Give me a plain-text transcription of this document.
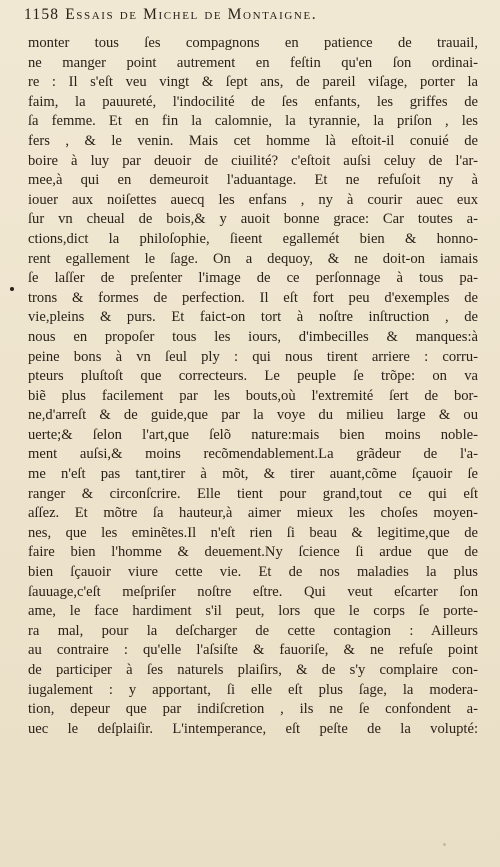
1158 Essais de Michel de Montaigne.
monter tous ſes compagnons en patience de trauail,
ne manger point autrement en feſtin qu'en ſon ordinai-
re : Il s'eſt veu vingt & ſept ans, de pareil viſage, porter la
faim, la pauureté, l'indocilité de ſes enfants, les griffes de
ſa femme. Et en fin la calomnie, la tyrannie, la priſon , les
fers , & le venin. Mais cet homme là eſtoit-il conuié de
boire à luy par deuoir de ciuilité? c'eſtoit auſsi celuy de l'ar-
mee,à qui en demeuroit l'aduantage. Et ne refuſoit ny à
iouer aux noiſettes auecq les enfans , ny à courir auec eux
ſur vn cheual de bois,& y auoit bonne grace: Car toutes a-
ctions,dict la philoſophie, ſieent egallemét bien & honno-
rent egallement le ſage. On a dequoy, & ne doit-on iamais
ſe laſſer de preſenter l'image de ce perſonnage à tous pa-
trons & formes de perfection. Il eſt fort peu d'exemples de
vie,pleins & purs. Et faict-on tort à noſtre inſtruction , de
nous en propoſer tous les iours, d'imbecilles & manques:à
peine bons à vn ſeul ply : qui nous tirent arriere : corru-
pteurs pluſtoſt que correcteurs. Le peuple ſe trõpe: on va
biẽ plus facilement par les bouts,où l'extremité ſert de bor-
ne,d'arreſt & de guide,que par la voye du milieu large & ou
uerte;& ſelon l'art,que ſelõ nature:mais bien moins noble-
ment auſsi,& moins recõmendablement.La grãdeur de l'a-
me n'eſt pas tant,tirer à mõt, & tirer auant,cõme ſçauoir ſe
ranger & circonſcrire. Elle tient pour grand,tout ce qui eſt
aſſez. Et mõtre ſa hauteur,à aimer mieux les choſes moyen-
nes, que les eminẽtes.Il n'eſt rien ſi beau & legitime,que de
faire bien l'homme & deuement.Ny ſcience ſi ardue que de
bien ſçauoir viure cette vie. Et de nos maladies la plus
ſauuage,c'eſt meſpriſer noſtre eſtre. Qui veut eſcarter ſon
ame, le face hardiment s'il peut, lors que le corps ſe porte-
ra mal, pour la deſcharger de cette contagion : Ailleurs
au contraire : qu'elle l'aſsiſte & fauoriſe, & ne refuſe point
de participer à ſes naturels plaiſirs, & de s'y complaire con-
iugalement : y apportant, ſi elle eſt plus ſage, la modera-
tion, depeur que par indiſcretion , ils ne ſe confondent a-
uec le deſplaiſir. L'intemperance, eſt peſte de la volupté:
